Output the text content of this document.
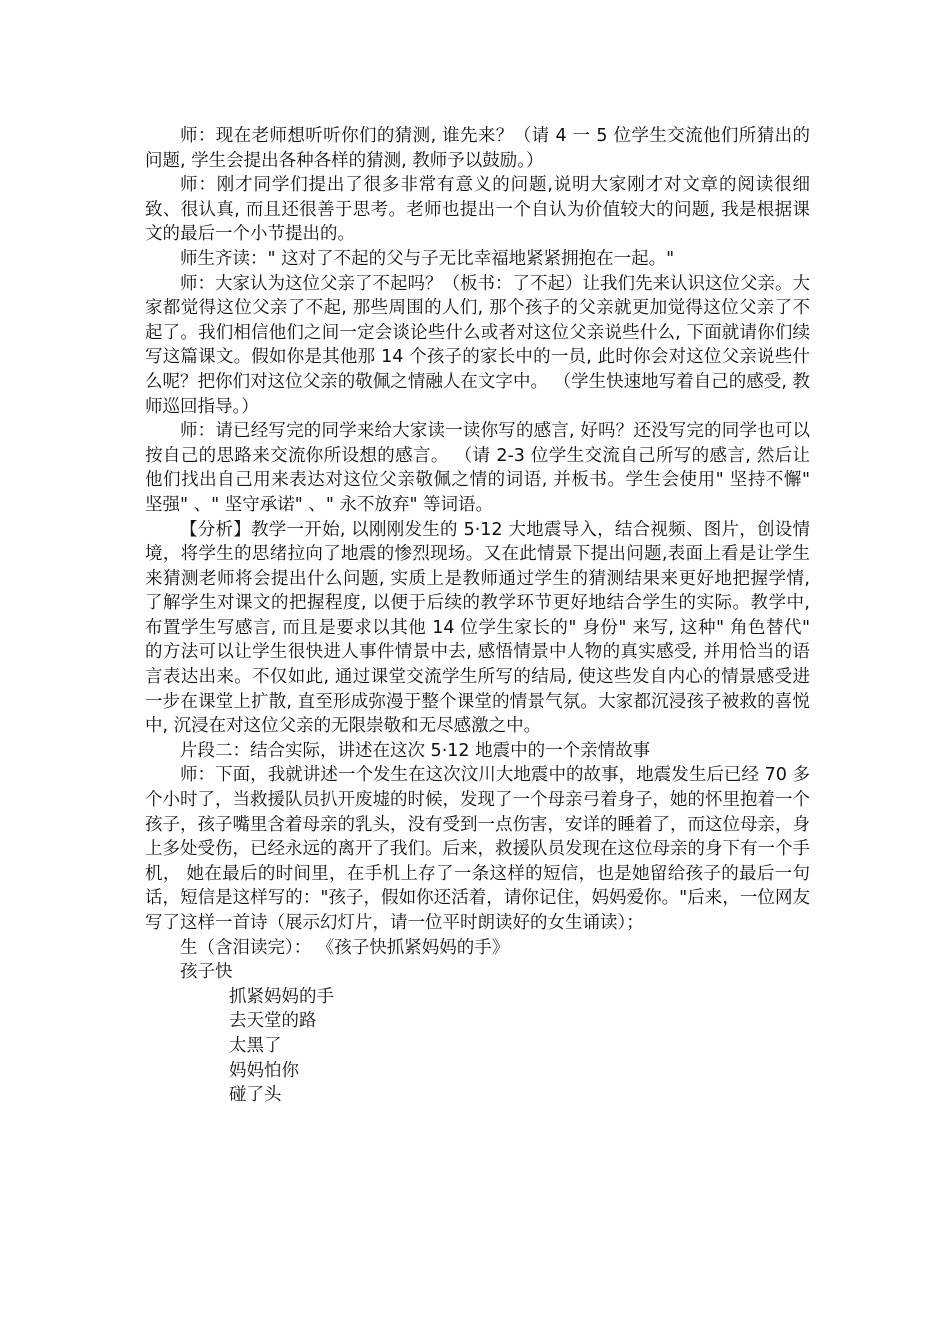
师：现在老师想听听你们的猜测, 谁先来？（请 4 一 5 位学生交流他们所猜出的问题, 学生会提出各种各样的猜测, 教师予以鼓励。）

师：刚才同学们提出了很多非常有意义的问题,说明大家刚才对文章的阅读很细致、很认真, 而且还很善于思考。老师也提出一个自认为价值较大的问题, 我是根据课文的最后一个小节提出的。

师生齐读：" 这对了不起的父与子无比幸福地紧紧拥抱在一起。"

师：大家认为这位父亲了不起吗？（板书：了不起）让我们先来认识这位父亲。大家都觉得这位父亲了不起, 那些周围的人们, 那个孩子的父亲就更加觉得这位父亲了不起了。我们相信他们之间一定会谈论些什么或者对这位父亲说些什么, 下面就请你们续写这篇课文。假如你是其他那 14 个孩子的家长中的一员, 此时你会对这位父亲说些什么呢？把你们对这位父亲的敬佩之情融人在文字中。 （学生快速地写着自己的感受, 教师巡回指导。）

师：请已经写完的同学来给大家读一读你写的感言, 好吗？还没写完的同学也可以按自己的思路来交流你所设想的感言。 （请 2-3 位学生交流自己所写的感言, 然后让他们找出自己用来表达对这位父亲敬佩之情的词语, 并板书。学生会使用" 坚持不懈" 坚强" 、" 坚守承诺" 、" 永不放弃" 等词语。

【分析】教学一开始, 以刚刚发生的 5·12 大地震导入，结合视频、图片，创设情境，将学生的思绪拉向了地震的惨烈现场。又在此情景下提出问题,表面上看是让学生来猜测老师将会提出什么问题, 实质上是教师通过学生的猜测结果来更好地把握学情, 了解学生对课文的把握程度, 以便于后续的教学环节更好地结合学生的实际。教学中, 布置学生写感言, 而且是要求以其他 14 位学生家长的" 身份" 来写, 这种" 角色替代" 的方法可以让学生很快进人事件情景中去, 感悟情景中人物的真实感受, 并用恰当的语言表达出来。不仅如此, 通过课堂交流学生所写的结局, 使这些发自内心的情景感受进一步在课堂上扩散, 直至形成弥漫于整个课堂的情景气氛。大家都沉浸孩子被救的喜悦中, 沉浸在对这位父亲的无限崇敬和无尽感激之中。

片段二：结合实际，讲述在这次 5·12 地震中的一个亲情故事

师：下面，我就讲述一个发生在这次汶川大地震中的故事，地震发生后已经 70 多个小时了，当救援队员扒开废墟的时候，发现了一个母亲弓着身子，她的怀里抱着一个孩子，孩子嘴里含着母亲的乳头，没有受到一点伤害，安详的睡着了，而这位母亲，身上多处受伤，已经永远的离开了我们。后来，救援队员发现在这位母亲的身下有一个手机， 她在最后的时间里，在手机上存了一条这样的短信，也是她留给孩子的最后一句话，短信是这样写的："孩子，假如你还活着，请你记住，妈妈爱你。"后来，一位网友写了这样一首诗（展示幻灯片，请一位平时朗读好的女生诵读）；

生（含泪读完）： 《孩子快抓紧妈妈的手》

孩子快

抓紧妈妈的手

去天堂的路

太黑了

妈妈怕你

碰了头
